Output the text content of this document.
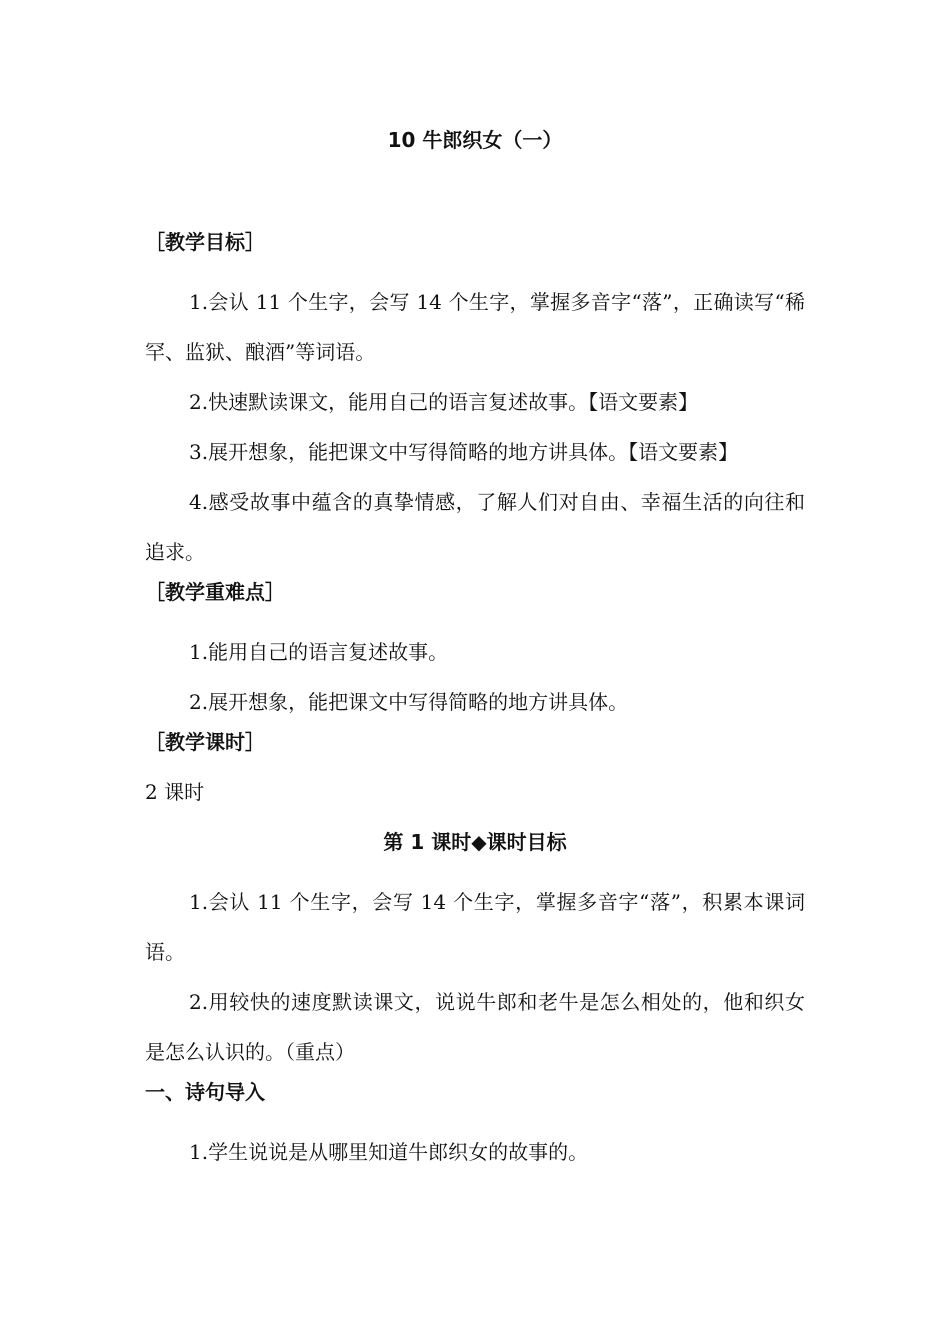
10 牛郎织女（一）
［教学目标］

1.会认 11 个生字，会写 14 个生字，掌握多音字“落”，正确读写“稀罕、监狱、酿酒”等词语。

2.快速默读课文，能用自己的语言复述故事。【语文要素】

3.展开想象，能把课文中写得简略的地方讲具体。【语文要素】

4.感受故事中蕴含的真挚情感，了解人们对自由、幸福生活的向往和追求。

［教学重难点］

1.能用自己的语言复述故事。

2.展开想象，能把课文中写得简略的地方讲具体。

［教学课时］
2 课时
第 1 课时◆课时目标

1.会认 11 个生字，会写 14 个生字，掌握多音字“落”，积累本课词语。

2.用较快的速度默读课文，说说牛郎和老牛是怎么相处的，他和织女是怎么认识的。（重点）

一、诗句导入

1.学生说说是从哪里知道牛郎织女的故事的。
